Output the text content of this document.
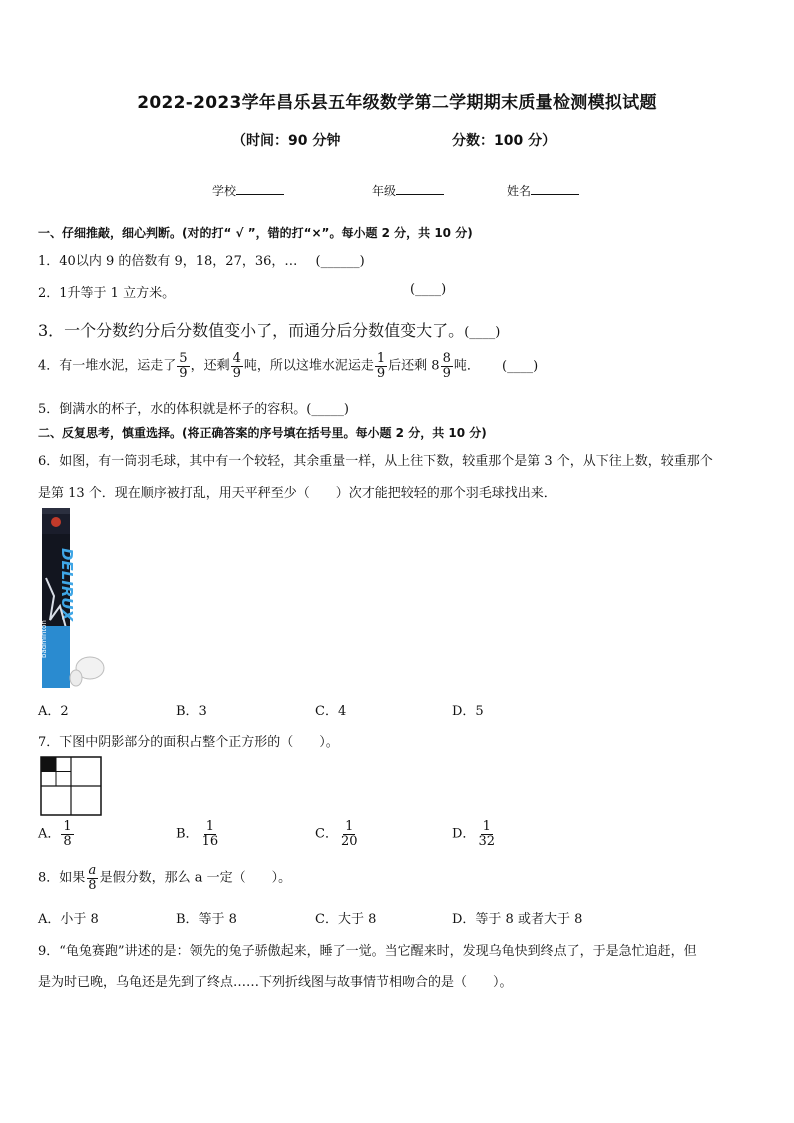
2022-2023学年昌乐县五年级数学第二学期期末质量检测模拟试题
（时间：90 分钟	分数：100 分）
学校	年级	姓名
一、仔细推敲，细心判断。(对的打“ √ ”，错的打“×”。每小题 2 分，共 10 分)
1．40以内 9 的倍数有 9，18，27，36，… (______)
2．1升等于 1 立方米。	(____)
3．一个分数约分后分数值变小了，而通分后分数值变大了。(____)
4．有一堆水泥，运走了 $\frac{5}{9}$ ，还剩 $\frac{4}{9}$ 吨，所以这堆水泥运走 $\frac{1}{9}$ 后还剩 $8 \frac{8}{9}$ 吨． (____)
5．倒满水的杯子，水的体积就是杯子的容积。(_____)
二、反复思考，慎重选择。(将正确答案的序号填在括号里。每小题 2 分，共 10 分)
6．如图，有一筒羽毛球，其中有一个较轻，其余重量一样，从上往下数，较重那个是第 3 个，从下往上数，较重那个
是第 13 个．现在顺序被打乱，用天平秤至少（　　）次才能把较轻的那个羽毛球找出来．
DELIRUX
badminton
A．2	B．3	C．4	D．5
7．下图中阴影部分的面积占整个正方形的（　　）。
A． $\frac{1}{8}$	B． $\frac{1}{16}$	C． $\frac{1}{20}$	D． $\frac{1}{32}$
8．如果 $\frac{a}{8}$ 是假分数，那么 a 一定（　　）。
A．小于 8	B．等于 8	C．大于 8	D．等于 8 或者大于 8
9．“龟兔赛跑”讲述的是：领先的兔子骄傲起来，睡了一觉。当它醒来时，发现乌龟快到终点了，于是急忙追赶，但
是为时已晚，乌龟还是先到了终点……下列折线图与故事情节相吻合的是（　　）。
